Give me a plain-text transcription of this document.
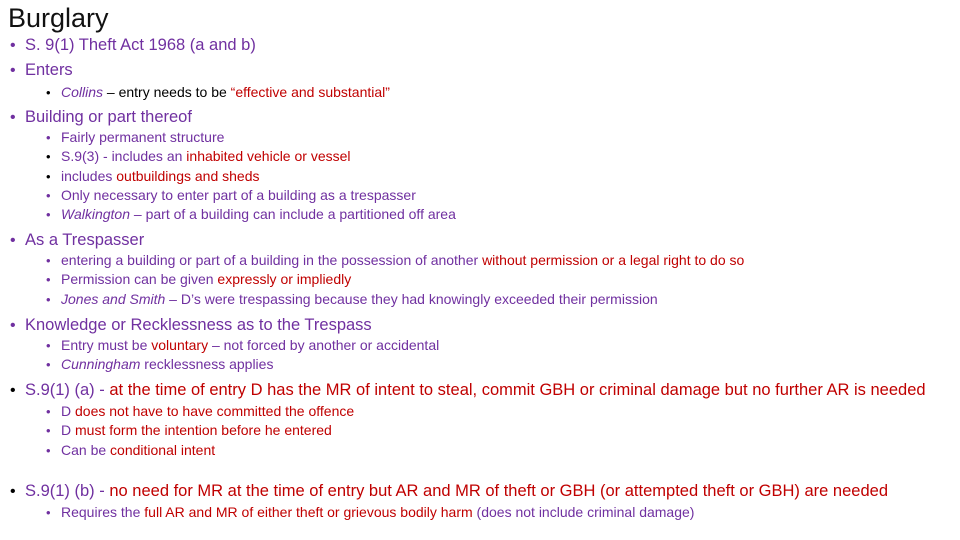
Burglary
• S. 9(1) Theft Act 1968 (a and b)
• Enters
• Collins – entry needs to be “effective and substantial”
• Building or part thereof
• Fairly permanent structure
• S.9(3) - includes an inhabited vehicle or vessel
• includes outbuildings and sheds
• Only necessary to enter part of a building as a trespasser
• Walkington – part of a building can include a partitioned off area
• As a Trespasser
• entering a building or part of a building in the possession of another without permission or a legal right to do so
• Permission can be given expressly or impliedly
• Jones and Smith – D’s were trespassing because they had knowingly exceeded their permission
• Knowledge or Recklessness as to the Trespass
• Entry must be voluntary – not forced by another or accidental
• Cunningham recklessness applies
• S.9(1) (a) - at the time of entry D has the MR of intent to steal, commit GBH or criminal damage but no further AR is needed
• D does not have to have committed the offence
• D must form the intention before he entered
• Can be conditional intent
• S.9(1) (b) - no need for MR at the time of entry but AR and MR of theft or GBH (or attempted theft or GBH) are needed
• Requires the full AR and MR of either theft or grievous bodily harm (does not include criminal damage)
